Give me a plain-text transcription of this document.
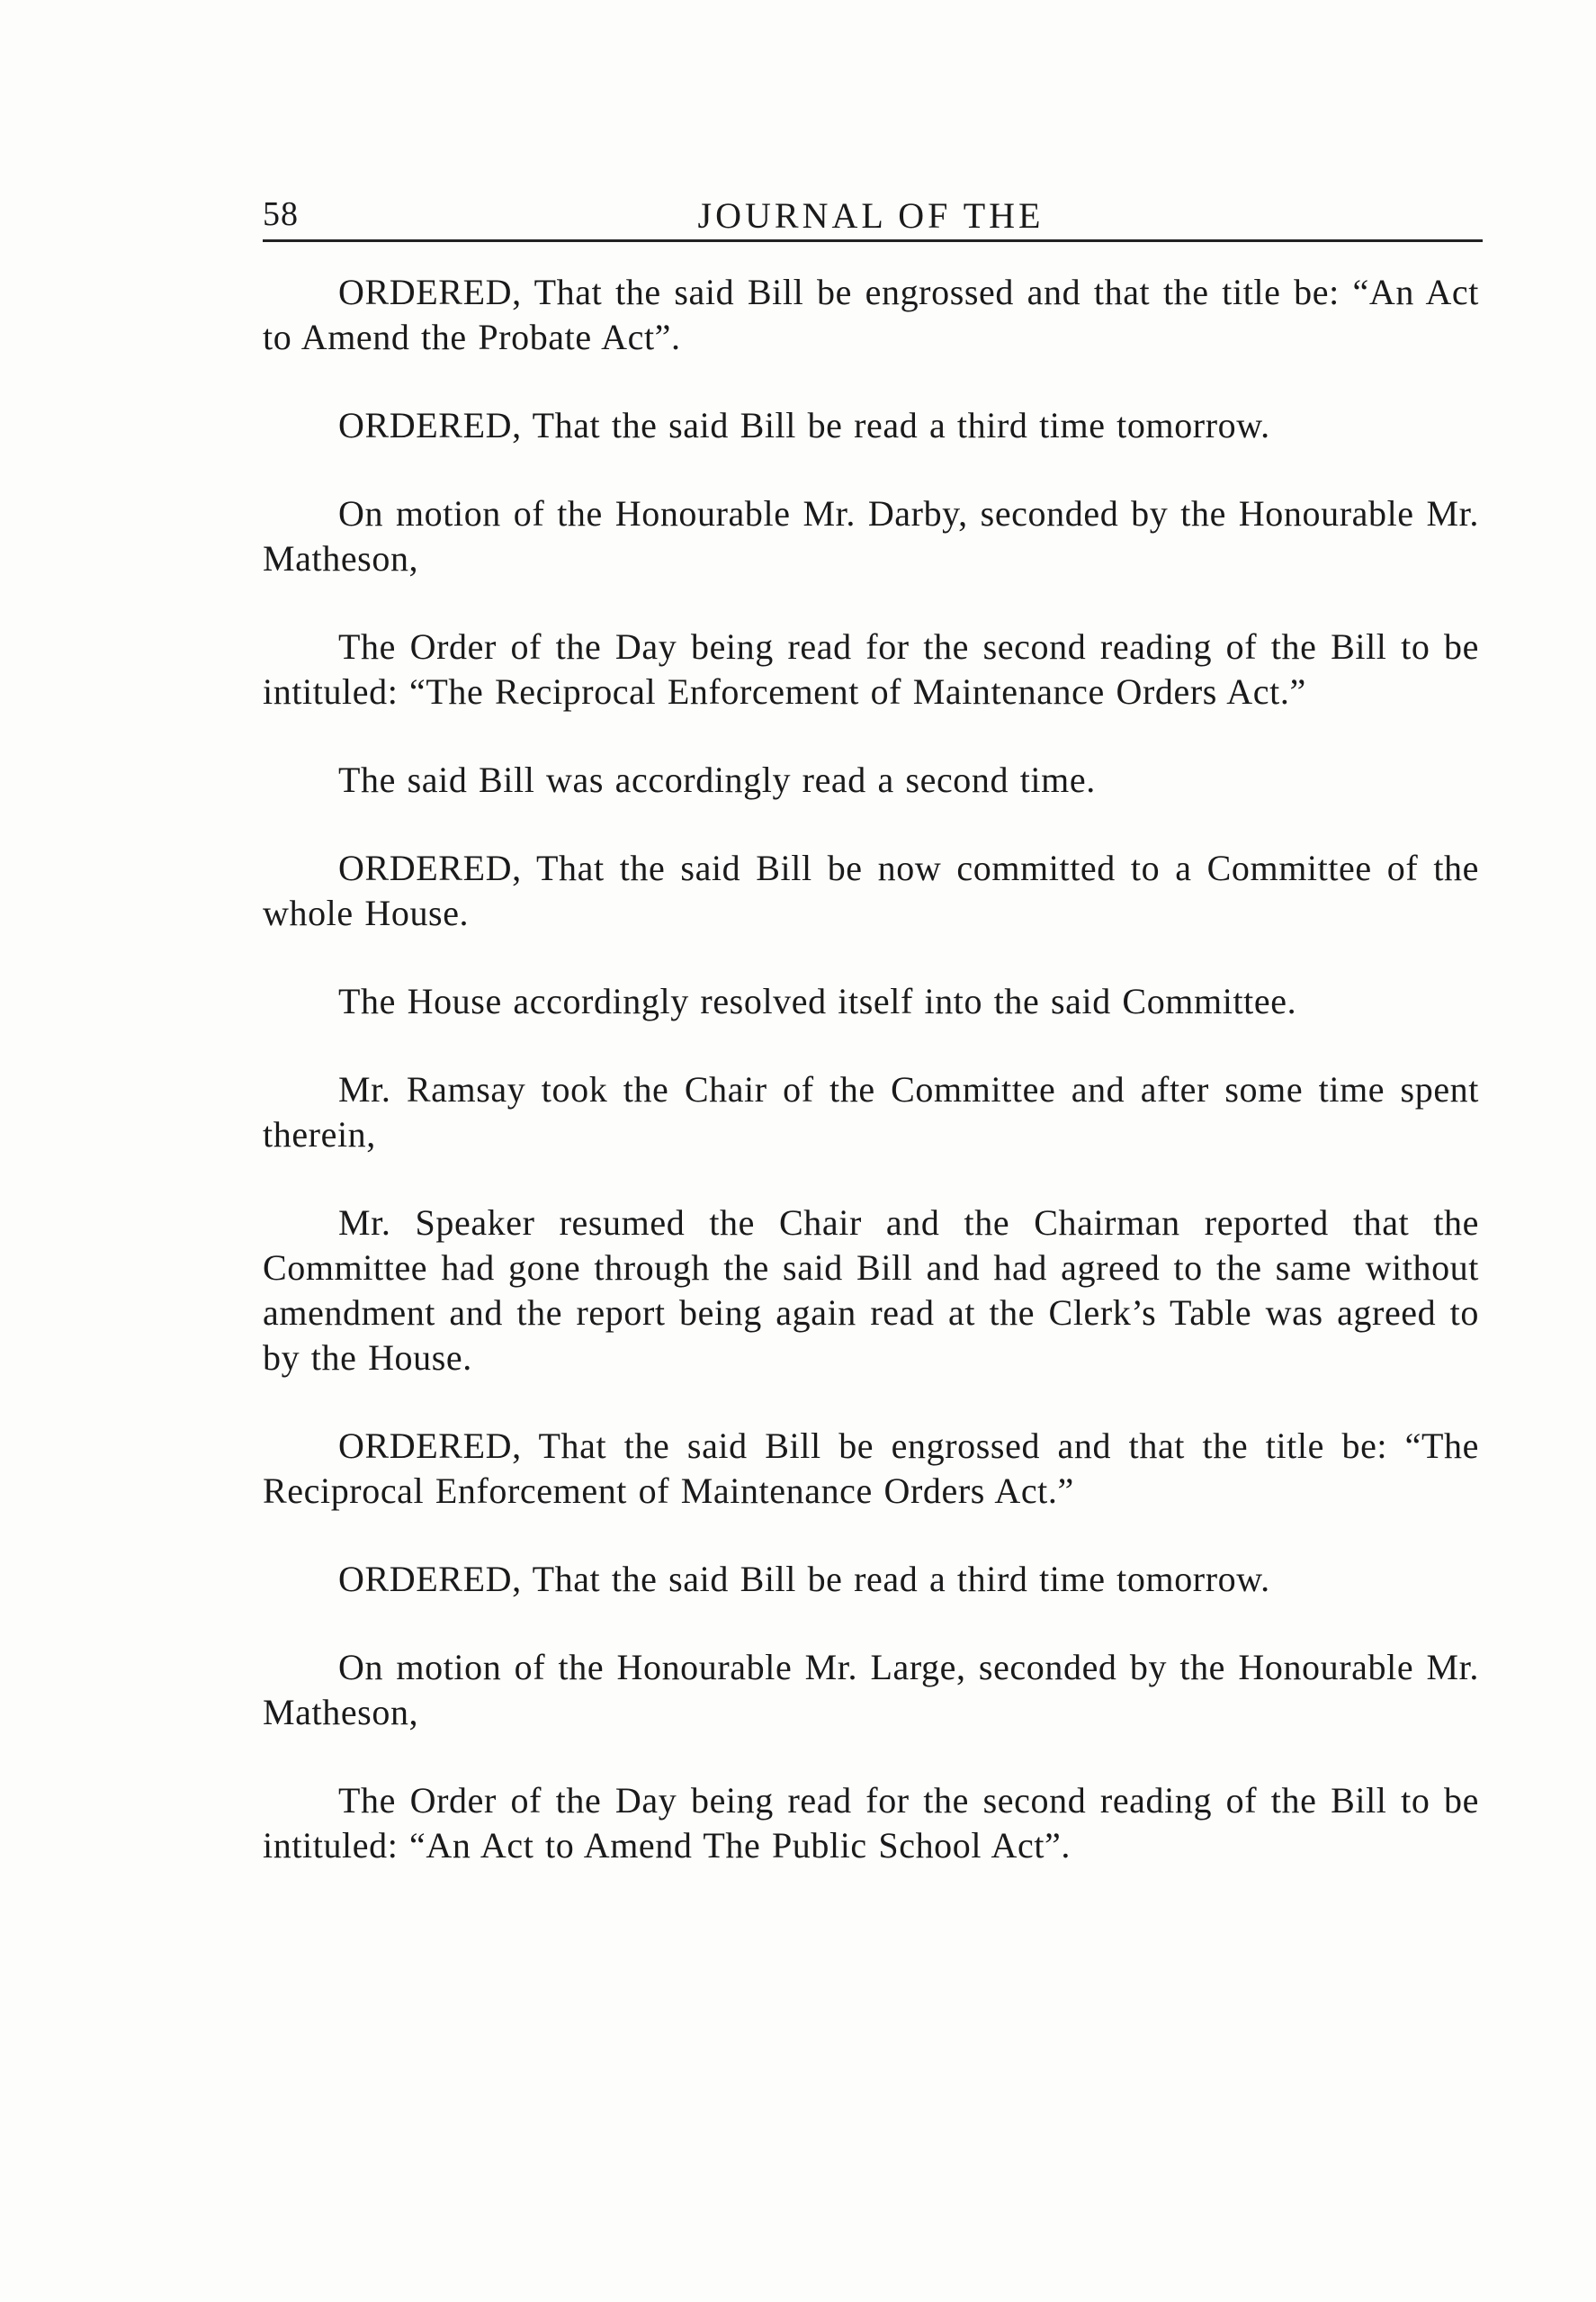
58	JOURNAL OF THE

ORDERED, That the said Bill be engrossed and that the title be: “An Act to Amend the Probate Act”.

ORDERED, That the said Bill be read a third time tomorrow.

On motion of the Honourable Mr. Darby, seconded by the Honourable Mr. Matheson,

The Order of the Day being read for the second reading of the Bill to be intituled: “The Reciprocal Enforcement of Maintenance Orders Act.”

The said Bill was accordingly read a second time.

ORDERED, That the said Bill be now committed to a Committee of the whole House.

The House accordingly resolved itself into the said Committee.

Mr. Ramsay took the Chair of the Committee and after some time spent therein,

Mr. Speaker resumed the Chair and the Chairman reported that the Committee had gone through the said Bill and had agreed to the same without amendment and the report being again read at the Clerk’s Table was agreed to by the House.

ORDERED, That the said Bill be engrossed and that the title be: “The Reciprocal Enforcement of Maintenance Orders Act.”

ORDERED, That the said Bill be read a third time tomorrow.

On motion of the Honourable Mr. Large, seconded by the Honourable Mr. Matheson,

The Order of the Day being read for the second reading of the Bill to be intituled: “An Act to Amend The Public School Act”.
